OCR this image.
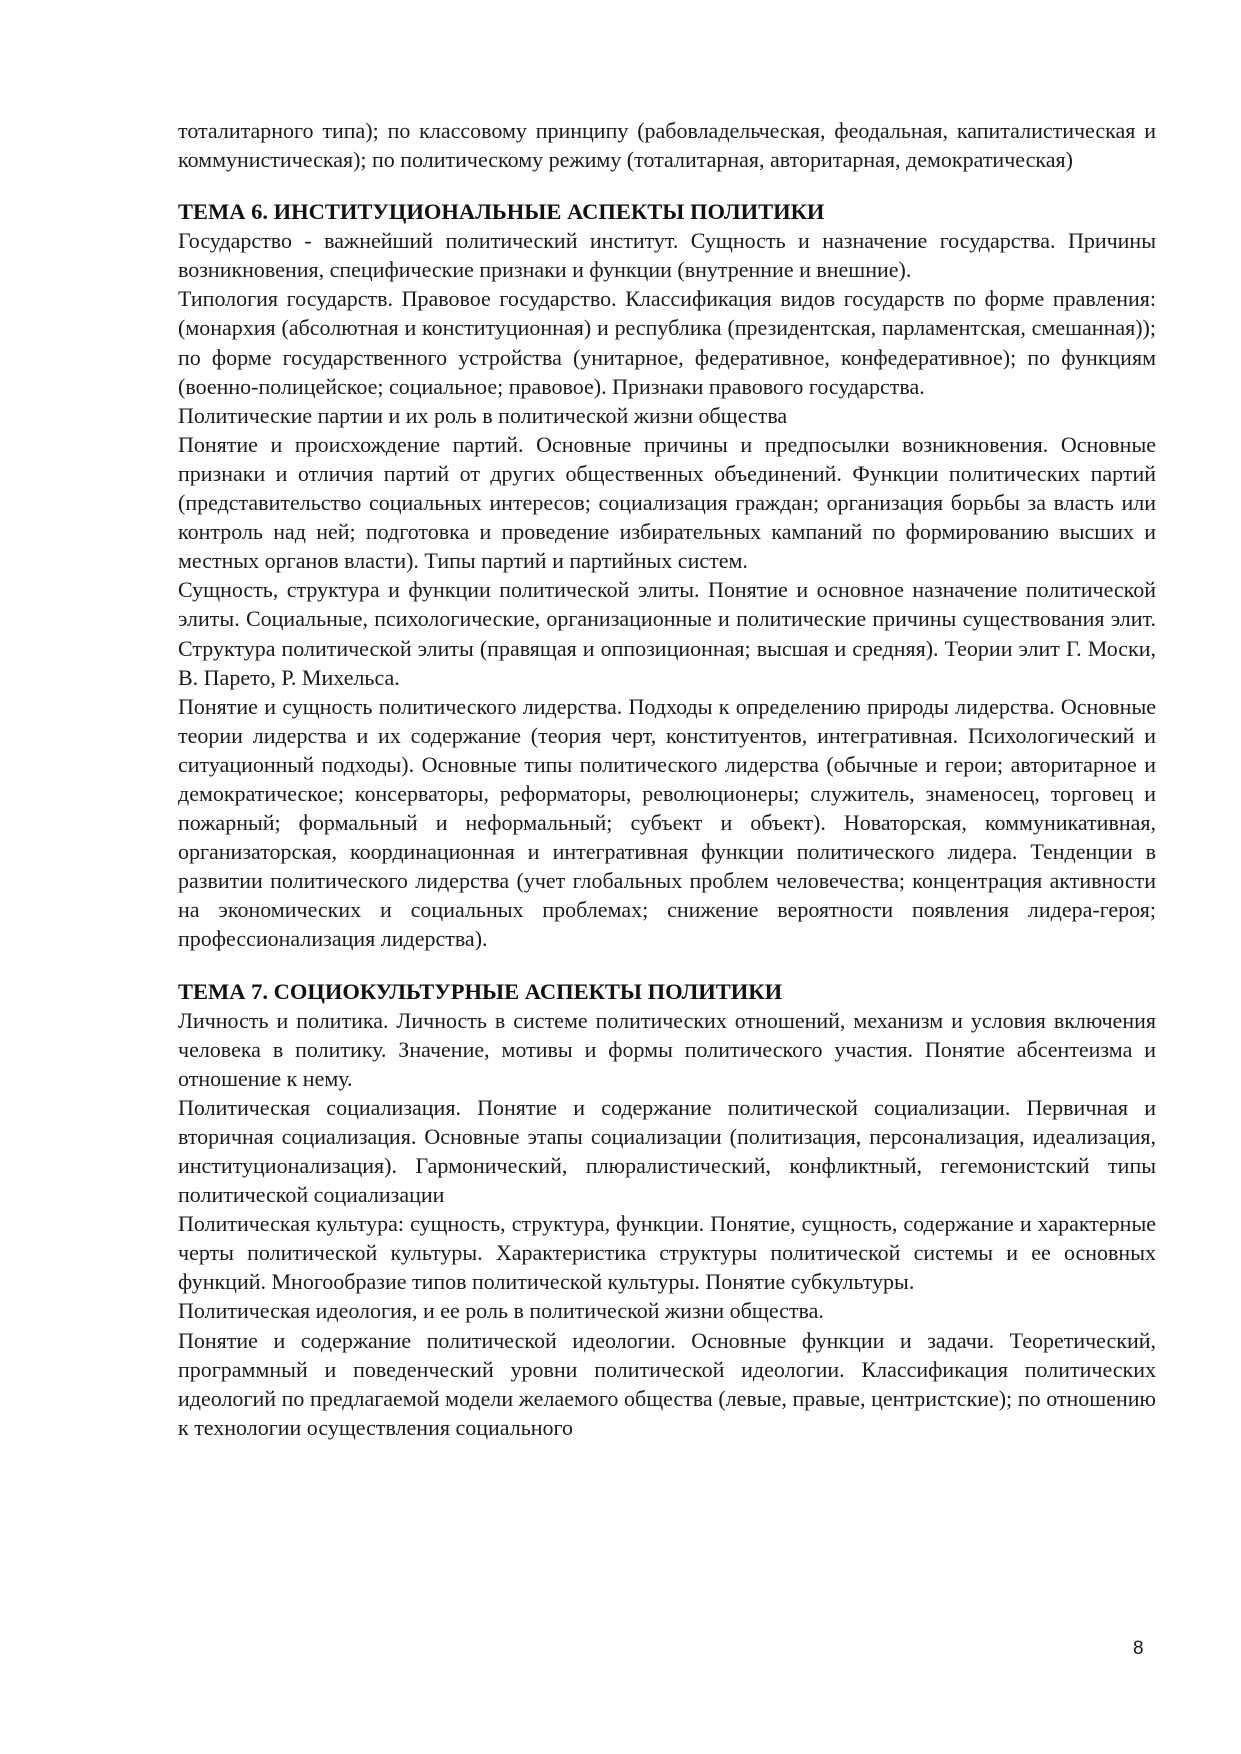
тоталитарного типа); по классовому принципу (рабовладельческая, феодальная, капиталистическая и коммунистическая); по политическому режиму (тоталитарная, авторитарная, демократическая)

ТЕМА 6. ИНСТИТУЦИОНАЛЬНЫЕ АСПЕКТЫ ПОЛИТИКИ

Государство - важнейший политический институт. Сущность и назначение государства. Причины возникновения, специфические признаки и функции (внутренние и внешние).

Типология государств. Правовое государство. Классификация видов государств по форме правления: (монархия (абсолютная и конституционная) и республика (президентская, парламентская, смешанная)); по форме государственного устройства (унитарное, федеративное, конфедеративное); по функциям (военно-полицейское; социальное; правовое). Признаки правового государства.

Политические партии и их роль в политической жизни общества

Понятие и происхождение партий. Основные причины и предпосылки возникновения. Основные признаки и отличия партий от других общественных объединений. Функции политических партий (представительство социальных интересов; социализация граждан; организация борьбы за власть или контроль над ней; подготовка и проведение избирательных кампаний по формированию высших и местных органов власти). Типы партий и партийных систем.

Сущность, структура и функции политической элиты. Понятие и основное назначение политической элиты. Социальные, психологические, организационные и политические причины существования элит. Структура политической элиты (правящая и оппозиционная; высшая и средняя). Теории элит Г. Моски, В. Парето, Р. Михельса.

Понятие и сущность политического лидерства. Подходы к определению природы лидерства. Основные теории лидерства и их содержание (теория черт, конституентов, интегративная. Психологический и ситуационный подходы). Основные типы политического лидерства (обычные и герои; авторитарное и демократическое; консерваторы, реформаторы, революционеры; служитель, знаменосец, торговец и пожарный; формальный и неформальный; субъект и объект). Новаторская, коммуникативная, организаторская, координационная и интегративная функции политического лидера. Тенденции в развитии политического лидерства (учет глобальных проблем человечества; концентрация активности на экономических и социальных проблемах; снижение вероятности появления лидера-героя; профессионализация лидерства).

ТЕМА 7. СОЦИОКУЛЬТУРНЫЕ АСПЕКТЫ ПОЛИТИКИ

Личность и политика. Личность в системе политических отношений, механизм и условия включения человека в политику. Значение, мотивы и формы политического участия. Понятие абсентеизма и отношение к нему.

Политическая социализация. Понятие и содержание политической социализации. Первичная и вторичная социализация. Основные этапы социализации (политизация, персонализация, идеализация, институционализация). Гармонический, плюралистический, конфликтный, гегемонистский типы политической социализации

Политическая культура: сущность, структура, функции. Понятие, сущность, содержание и характерные черты политической культуры. Характеристика структуры политической системы и ее основных функций. Многообразие типов политической культуры. Понятие субкультуры.

Политическая идеология, и ее роль в политической жизни общества.

Понятие и содержание политической идеологии. Основные функции и задачи. Теоретический, программный и поведенческий уровни политической идеологии. Классификация политических идеологий по предлагаемой модели желаемого общества (левые, правые, центристские); по отношению к технологии осуществления социального

8
